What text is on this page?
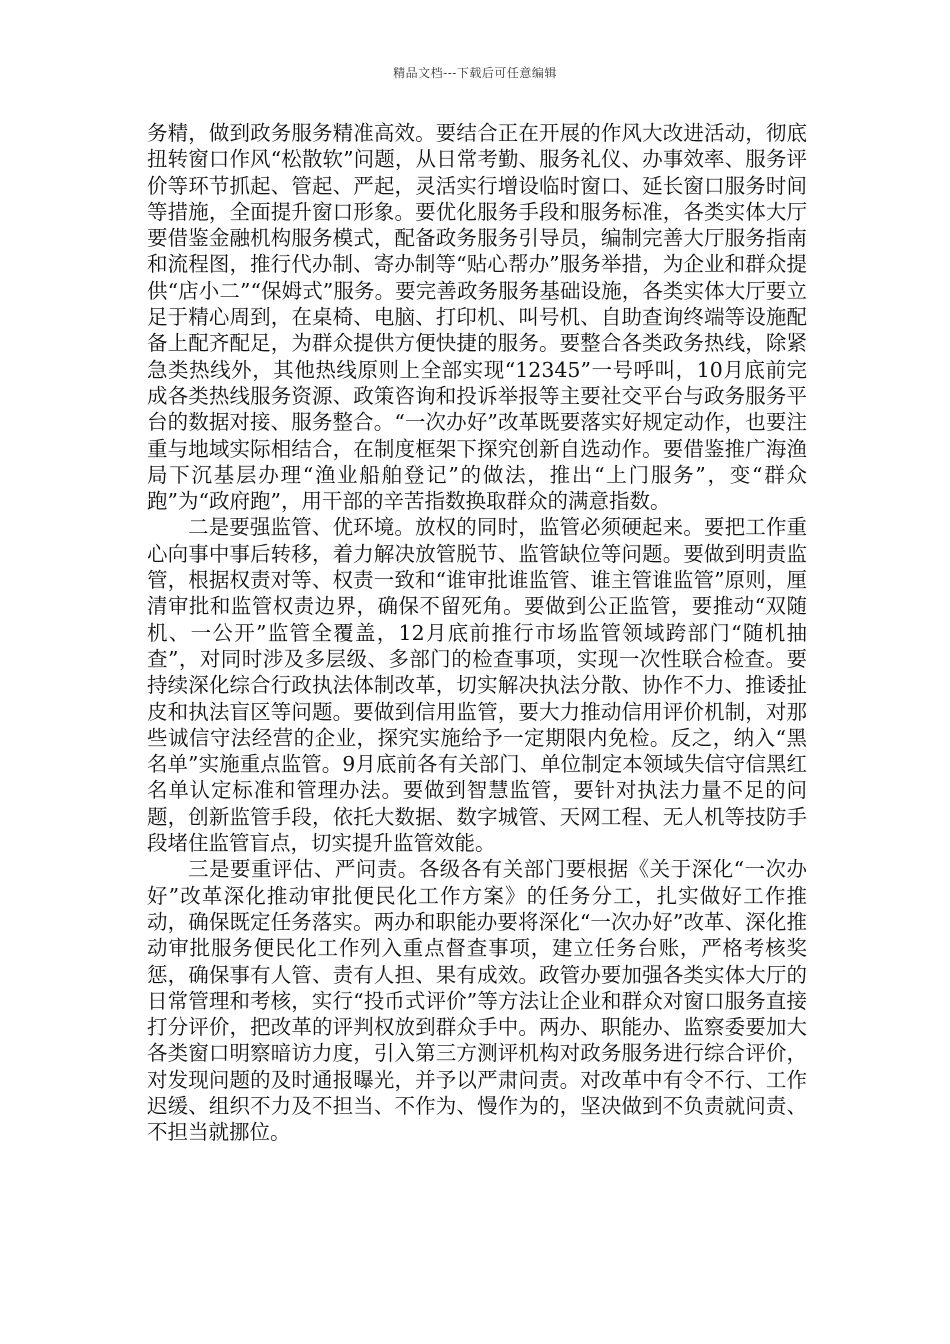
精品文档---下载后可任意编辑

务精，做到政务服务精准高效。要结合正在开展的作风大改进活动，彻底扭转窗口作风“松散软”问题，从日常考勤、服务礼仪、办事效率、服务评价等环节抓起、管起、严起，灵活实行增设临时窗口、延长窗口服务时间等措施，全面提升窗口形象。要优化服务手段和服务标准，各类实体大厅要借鉴金融机构服务模式，配备政务服务引导员，编制完善大厅服务指南和流程图，推行代办制、寄办制等“贴心帮办”服务举措，为企业和群众提供“店小二”“保姆式”服务。要完善政务服务基础设施，各类实体大厅要立足于精心周到，在桌椅、电脑、打印机、叫号机、自助查询终端等设施配备上配齐配足，为群众提供方便快捷的服务。要整合各类政务热线，除紧急类热线外，其他热线原则上全部实现“12345”一号呼叫，10月底前完成各类热线服务资源、政策咨询和投诉举报等主要社交平台与政务服务平台的数据对接、服务整合。“一次办好”改革既要落实好规定动作，也要注重与地域实际相结合，在制度框架下探究创新自选动作。要借鉴推广海渔局下沉基层办理“渔业船舶登记”的做法，推出“上门服务”，变“群众跑”为“政府跑”，用干部的辛苦指数换取群众的满意指数。

二是要强监管、优环境。放权的同时，监管必须硬起来。要把工作重心向事中事后转移，着力解决放管脱节、监管缺位等问题。要做到明责监管，根据权责对等、权责一致和“谁审批谁监管、谁主管谁监管”原则，厘清审批和监管权责边界，确保不留死角。要做到公正监管，要推动“双随机、一公开”监管全覆盖，12月底前推行市场监管领域跨部门“随机抽查”，对同时涉及多层级、多部门的检查事项，实现一次性联合检查。要持续深化综合行政执法体制改革，切实解决执法分散、协作不力、推诿扯皮和执法盲区等问题。要做到信用监管，要大力推动信用评价机制，对那些诚信守法经营的企业，探究实施给予一定期限内免检。反之，纳入“黑名单”实施重点监管。9月底前各有关部门、单位制定本领域失信守信黑红名单认定标准和管理办法。要做到智慧监管，要针对执法力量不足的问题，创新监管手段，依托大数据、数字城管、天网工程、无人机等技防手段堵住监管盲点，切实提升监管效能。

三是要重评估、严问责。各级各有关部门要根据《关于深化“一次办好”改革深化推动审批便民化工作方案》的任务分工，扎实做好工作推动，确保既定任务落实。两办和职能办要将深化“一次办好”改革、深化推动审批服务便民化工作列入重点督查事项，建立任务台账，严格考核奖惩，确保事有人管、责有人担、果有成效。政管办要加强各类实体大厅的日常管理和考核，实行“投币式评价”等方法让企业和群众对窗口服务直接打分评价，把改革的评判权放到群众手中。两办、职能办、监察委要加大各类窗口明察暗访力度，引入第三方测评机构对政务服务进行综合评价，对发现问题的及时通报曝光，并予以严肃问责。对改革中有令不行、工作迟缓、组织不力及不担当、不作为、慢作为的，坚决做到不负责就问责、不担当就挪位。
